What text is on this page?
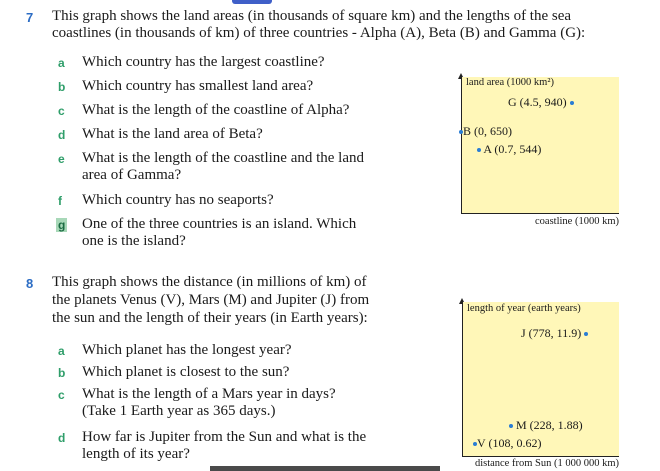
7 This graph shows the land areas (in thousands of square km) and the lengths of the sea
coastlines (in thousands of km) of three countries - Alpha (A), Beta (B) and Gamma (G):
a Which country has the largest coastline?
b Which country has smallest land area?
c What is the length of the coastline of Alpha?
d What is the land area of Beta?
e What is the length of the coastline and the land
area of Gamma?
f Which country has no seaports?
g One of the three countries is an island. Which
one is the island?
land area (1000 km²)
coastline (1000 km)
G (4.5, 940)
B (0, 650)
A (0.7, 544)
8 This graph shows the distance (in millions of km) of
the planets Venus (V), Mars (M) and Jupiter (J) from
the sun and the length of their years (in Earth years):
a Which planet has the longest year?
b Which planet is closest to the sun?
c What is the length of a Mars year in days?
(Take 1 Earth year as 365 days.)
d How far is Jupiter from the Sun and what is the
length of its year?
length of year (earth years)
distance from Sun (1 000 000 km)
J (778, 11.9)
M (228, 1.88)
V (108, 0.62)
